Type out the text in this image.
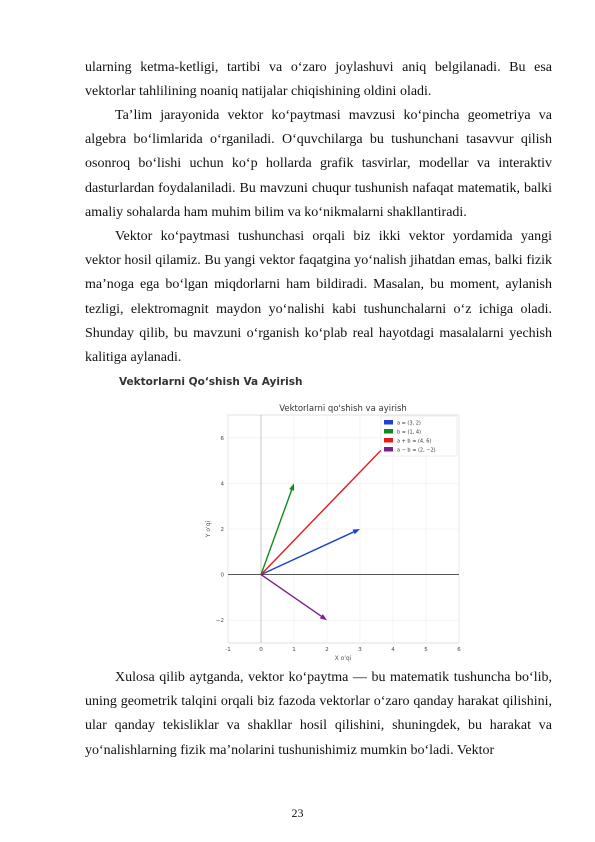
ularning ketma-ketligi, tartibi va o‘zaro joylashuvi aniq belgilanadi. Bu esa vektorlar tahlilining noaniq natijalar chiqishining oldini oladi.

Ta’lim jarayonida vektor ko‘paytmasi mavzusi ko‘pincha geometriya va algebra bo‘limlarida o‘rganiladi. O‘quvchilarga bu tushunchani tasavvur qilish osonroq bo‘lishi uchun ko‘p hollarda grafik tasvirlar, modellar va interaktiv dasturlardan foydalaniladi. Bu mavzuni chuqur tushunish nafaqat matematik, balki amaliy sohalarda ham muhim bilim va ko‘nikmalarni shakllantiradi.

Vektor ko‘paytmasi tushunchasi orqali biz ikki vektor yordamida yangi vektor hosil qilamiz. Bu yangi vektor faqatgina yo‘nalish jihatdan emas, balki fizik ma’noga ega bo‘lgan miqdorlarni ham bildiradi. Masalan, bu moment, aylanish tezligi, elektromagnit maydon yo‘nalishi kabi tushunchalarni o‘z ichiga oladi. Shunday qilib, bu mavzuni o‘rganish ko‘plab real hayotdagi masalalarni yechish kalitiga aylanadi.

Vektorlarni Qo‘shish Va Ayirish
-1	0	1	2	3	4	5	6
−2
0
2
4
6
a = (3, 2)
b = (1, 4)
a + b = (4, 6)
a − b = (2, −2)
Vektorlarni qo'shish va ayirish
X o'qi
Y o'qi

Xulosa qilib aytganda, vektor ko‘paytma — bu matematik tushuncha bo‘lib, uning geometrik talqini orqali biz fazoda vektorlar o‘zaro qanday harakat qilishini, ular qanday tekisliklar va shakllar hosil qilishini, shuningdek, bu harakat va yo‘nalishlarning fizik ma’nolarini tushunishimiz mumkin bo‘ladi. Vektor

23
